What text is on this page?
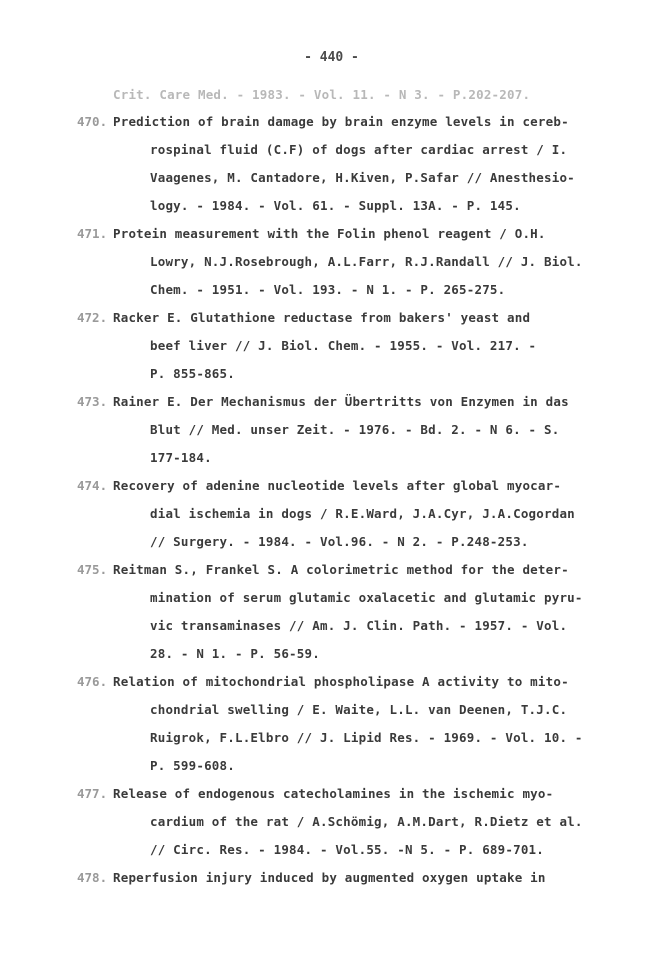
- 440 -
Crit. Care Med. - 1983. - Vol. 11. - N 3. - P.202-207.
470. Prediction of brain damage by brain enzyme levels in cereb-
rospinal fluid (C.F) of dogs after cardiac arrest / I.
Vaagenes, M. Cantadore, H.Kiven, P.Safar // Anesthesio-
logy. - 1984. - Vol. 61. - Suppl. 13A. - P. 145.
471. Protein measurement with the Folin phenol reagent / O.H.
Lowry, N.J.Rosebrough, A.L.Farr, R.J.Randall // J. Biol.
Chem. - 1951. - Vol. 193. - N 1. - P. 265-275.
472. Racker E. Glutathione reductase from bakers' yeast and
beef liver // J. Biol. Chem. - 1955. - Vol. 217. -
P. 855-865.
473. Rainer E. Der Mechanismus der Übertritts von Enzymen in das
Blut // Med. unser Zeit. - 1976. - Bd. 2. - N 6. - S.
177-184.
474. Recovery of adenine nucleotide levels after global myocar-
dial ischemia in dogs / R.E.Ward, J.A.Cyr, J.A.Cogordan
// Surgery. - 1984. - Vol.96. - N 2. - P.248-253.
475. Reitman S., Frankel S. A colorimetric method for the deter-
mination of serum glutamic oxalacetic and glutamic pyru-
vic transaminases // Am. J. Clin. Path. - 1957. - Vol.
28. - N 1. - P. 56-59.
476. Relation of mitochondrial phospholipase A activity to mito-
chondrial swelling / E. Waite, L.L. van Deenen, T.J.C.
Ruigrok, F.L.Elbro // J. Lipid Res. - 1969. - Vol. 10. -
P. 599-608.
477. Release of endogenous catecholamines in the ischemic myo-
cardium of the rat / A.Schömig, A.M.Dart, R.Dietz et al.
// Circ. Res. - 1984. - Vol.55. -N 5. - P. 689-701.
478. Reperfusion injury induced by augmented oxygen uptake in
